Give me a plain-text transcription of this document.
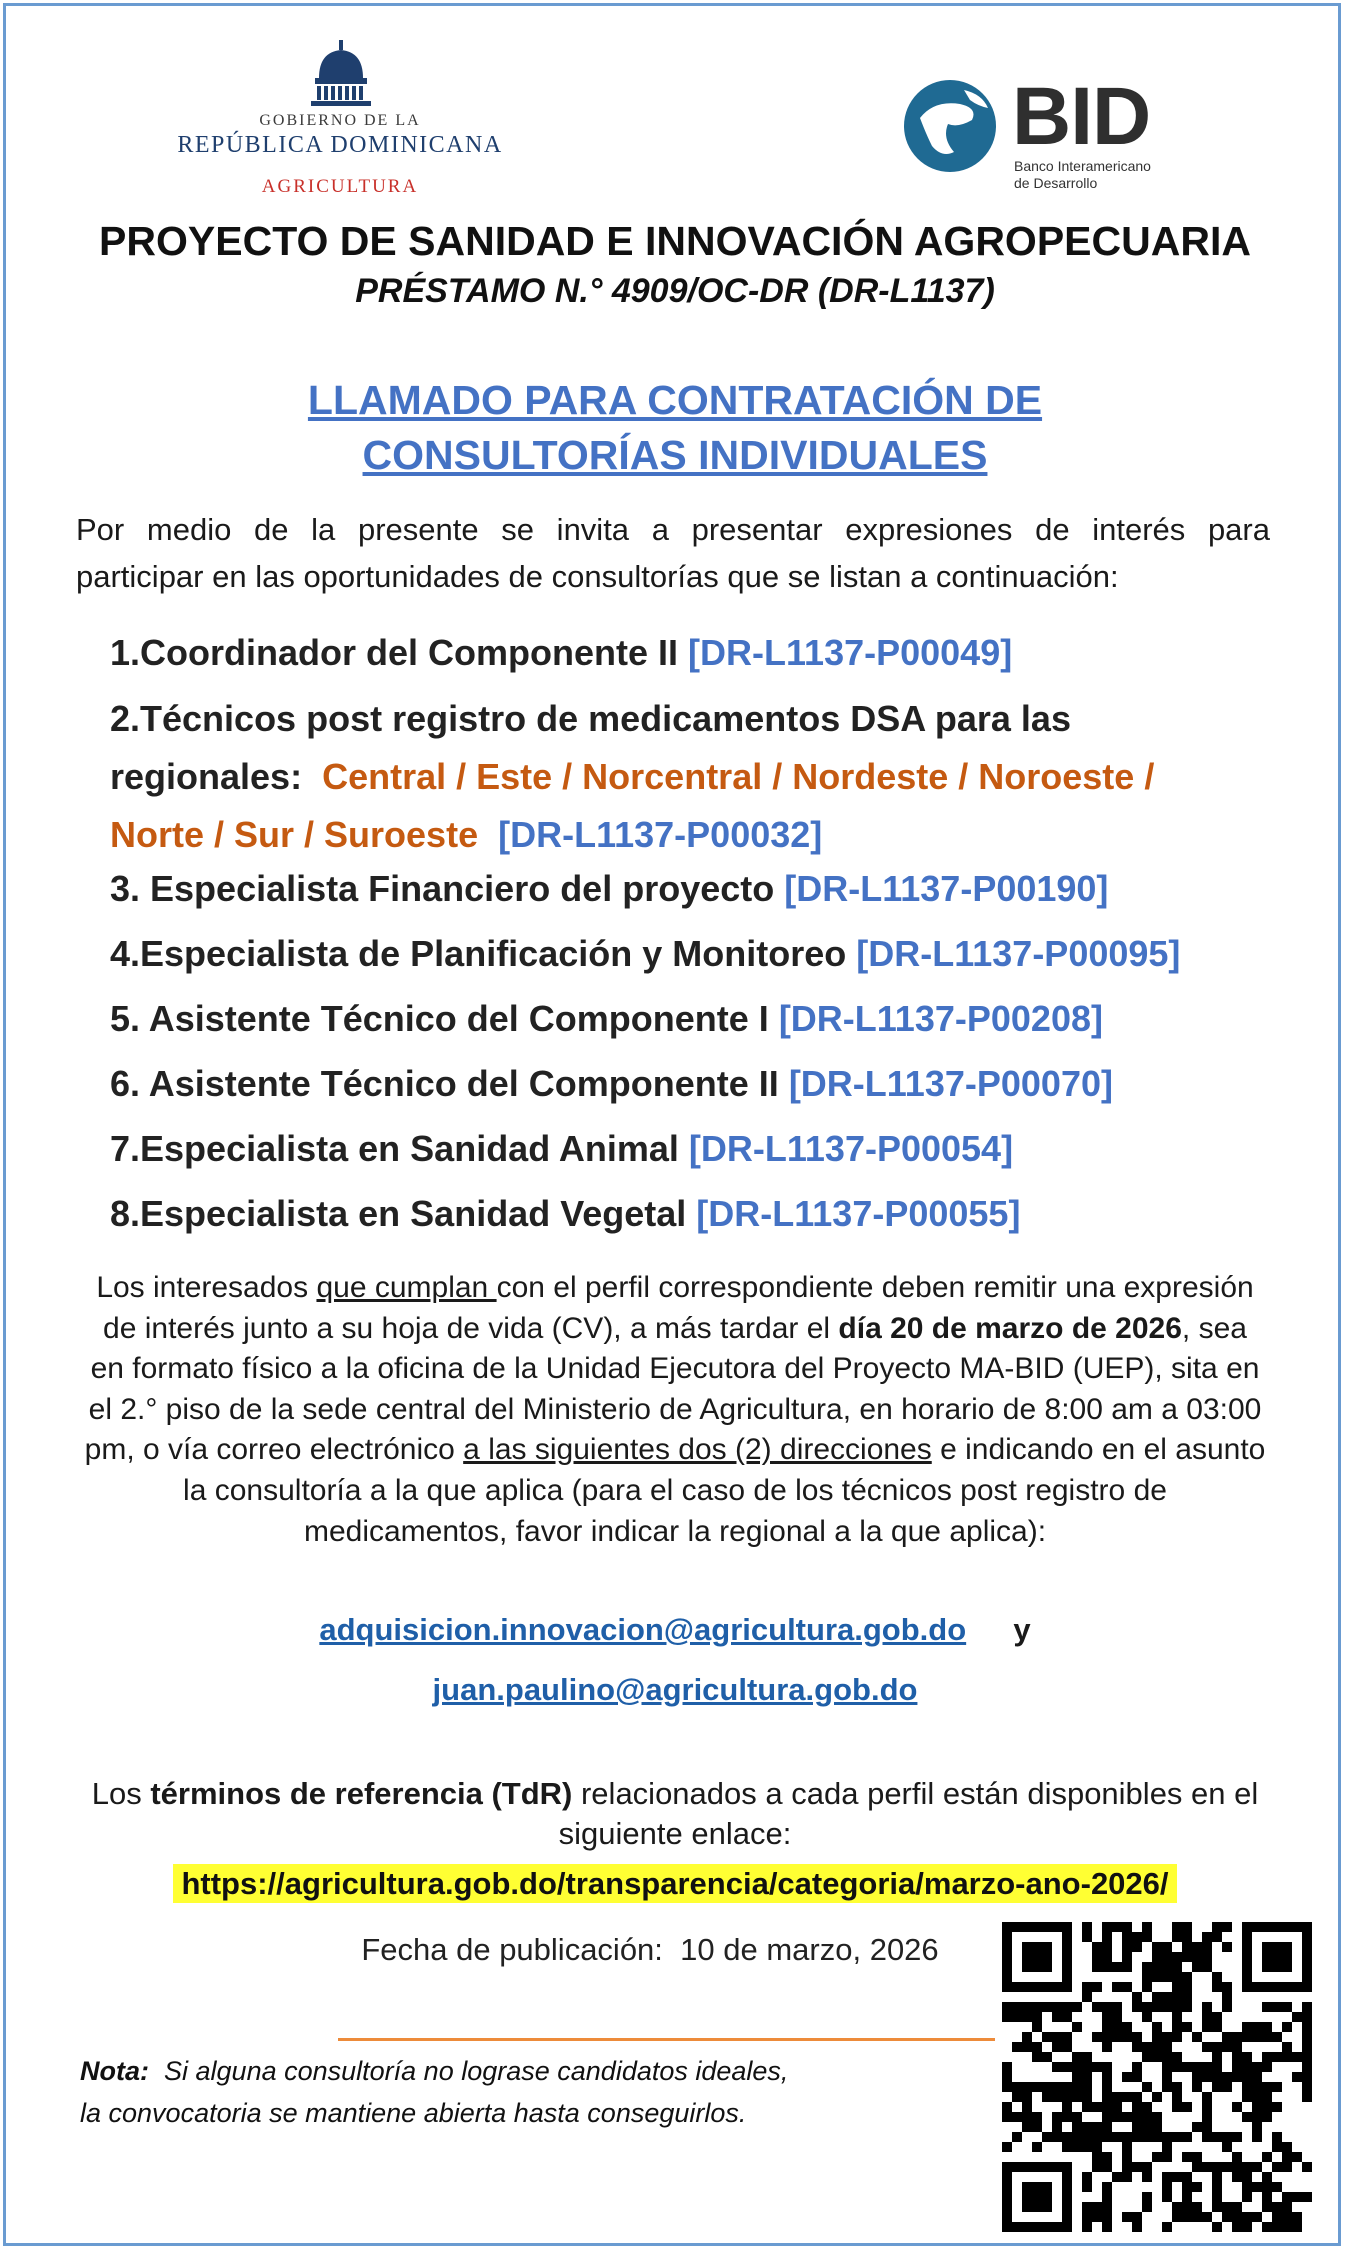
GOBIERNO DE LA
REPÚBLICA DOMINICANA
AGRICULTURA
BID
Banco Interamericano
de Desarrollo
PROYECTO DE SANIDAD E INNOVACIÓN AGROPECUARIA
PRÉSTAMO N.° 4909/OC-DR (DR-L1137)
LLAMADO PARA CONTRATACIÓN DE
CONSULTORÍAS INDIVIDUALES
Por medio de la presente se invita a presentar expresiones de interés para
participar en las oportunidades de consultorías que se listan a continuación:
1.Coordinador del Componente II [DR-L1137-P00049]
2.Técnicos post registro de medicamentos DSA para las
regionales: Central / Este / Norcentral / Nordeste / Noroeste /
Norte / Sur / Suroeste [DR-L1137-P00032]
3. Especialista Financiero del proyecto [DR-L1137-P00190]
4.Especialista de Planificación y Monitoreo [DR-L1137-P00095]
5. Asistente Técnico del Componente I [DR-L1137-P00208]
6. Asistente Técnico del Componente II [DR-L1137-P00070]
7.Especialista en Sanidad Animal [DR-L1137-P00054]
8.Especialista en Sanidad Vegetal [DR-L1137-P00055]
Los interesados que cumplan con el perfil correspondiente deben remitir una expresión de interés junto a su hoja de vida (CV), a más tardar el día 20 de marzo de 2026, sea en formato físico a la oficina de la Unidad Ejecutora del Proyecto MA-BID (UEP), sita en el 2.° piso de la sede central del Ministerio de Agricultura, en horario de 8:00 am a 03:00 pm, o vía correo electrónico a las siguientes dos (2) direcciones e indicando en el asunto la consultoría a la que aplica (para el caso de los técnicos post registro de medicamentos, favor indicar la regional a la que aplica):
adquisicion.innovacion@agricultura.gob.do y
juan.paulino@agricultura.gob.do
Los términos de referencia (TdR) relacionados a cada perfil están disponibles en el siguiente enlace:
https://agricultura.gob.do/transparencia/categoria/marzo-ano-2026/
Fecha de publicación: 10 de marzo, 2026
Nota: Si alguna consultoría no lograse candidatos ideales,
la convocatoria se mantiene abierta hasta conseguirlos.
